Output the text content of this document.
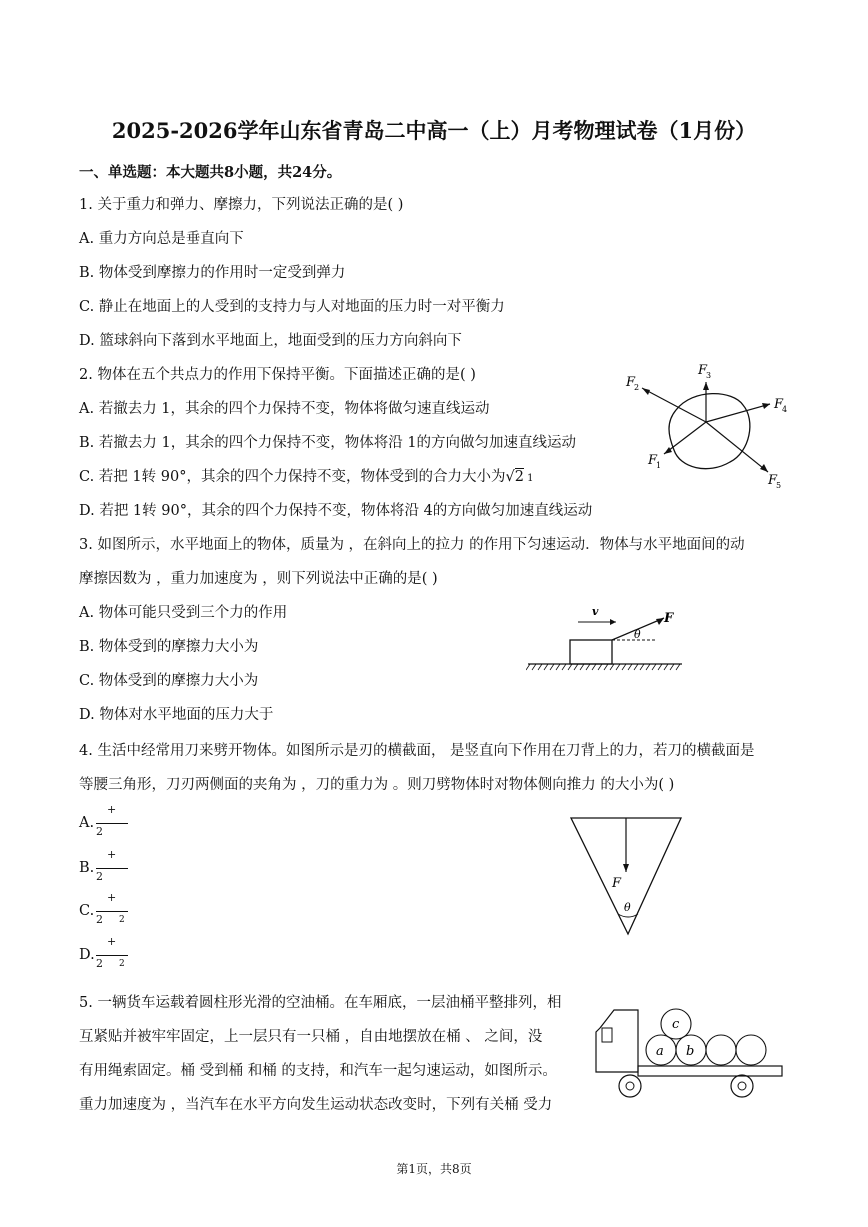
2025-2026学年山东省青岛二中高一（上）月考物理试卷（1月份）
一、单选题：本大题共8小题，共24分。
1. 关于重力和弹力、摩擦力，下列说法正确的是( )
A. 重力方向总是垂直向下
B. 物体受到摩擦力的作用时一定受到弹力
C. 静止在地面上的人受到的支持力与人对地面的压力时一对平衡力
D. 篮球斜向下落到水平地面上，地面受到的压力方向斜向下
2. 物体在五个共点力的作用下保持平衡。下面描述正确的是( )
A. 若撤去力 1，其余的四个力保持不变，物体将做匀速直线运动
B. 若撤去力 1，其余的四个力保持不变，物体将沿 1的方向做匀加速直线运动
C. 若把 1转 90°，其余的四个力保持不变，物体受到的合力大小为√2 1
D. 若把 1转 90°，其余的四个力保持不变，物体将沿 4的方向做匀加速直线运动
F
2
F
3
F
4
F
1
F
5
3. 如图所示，水平地面上的物体，质量为 ，在斜向上的拉力 的作用下匀速运动．物体与水平地面间的动
摩擦因数为 ，重力加速度为 ，则下列说法中正确的是( )
A. 物体可能只受到三个力的作用
B. 物体受到的摩擦力大小为
C. 物体受到的摩擦力大小为
D. 物体对水平地面的压力大于
v	F
θ
4. 生活中经常用刀来劈开物体。如图所示是刃的横截面， 是竖直向下作用在刀背上的力，若刀的横截面是
等腰三角形，刀刃两侧面的夹角为 ，刀的重力为 。则刀劈物体时对物体侧向推力 的大小为( )
A.
+
2
B.
+
2
C.
+
2 2
D.
+
2 2
F
θ
5. 一辆货车运载着圆柱形光滑的空油桶。在车厢底，一层油桶平整排列，相
互紧贴并被牢牢固定，上一层只有一只桶 ，自由地摆放在桶 、 之间，没
有用绳索固定。桶 受到桶 和桶 的支持，和汽车一起匀速运动，如图所示。
重力加速度为 ，当汽车在水平方向发生运动状态改变时，下列有关桶 受力
a b
c
第1页，共8页
